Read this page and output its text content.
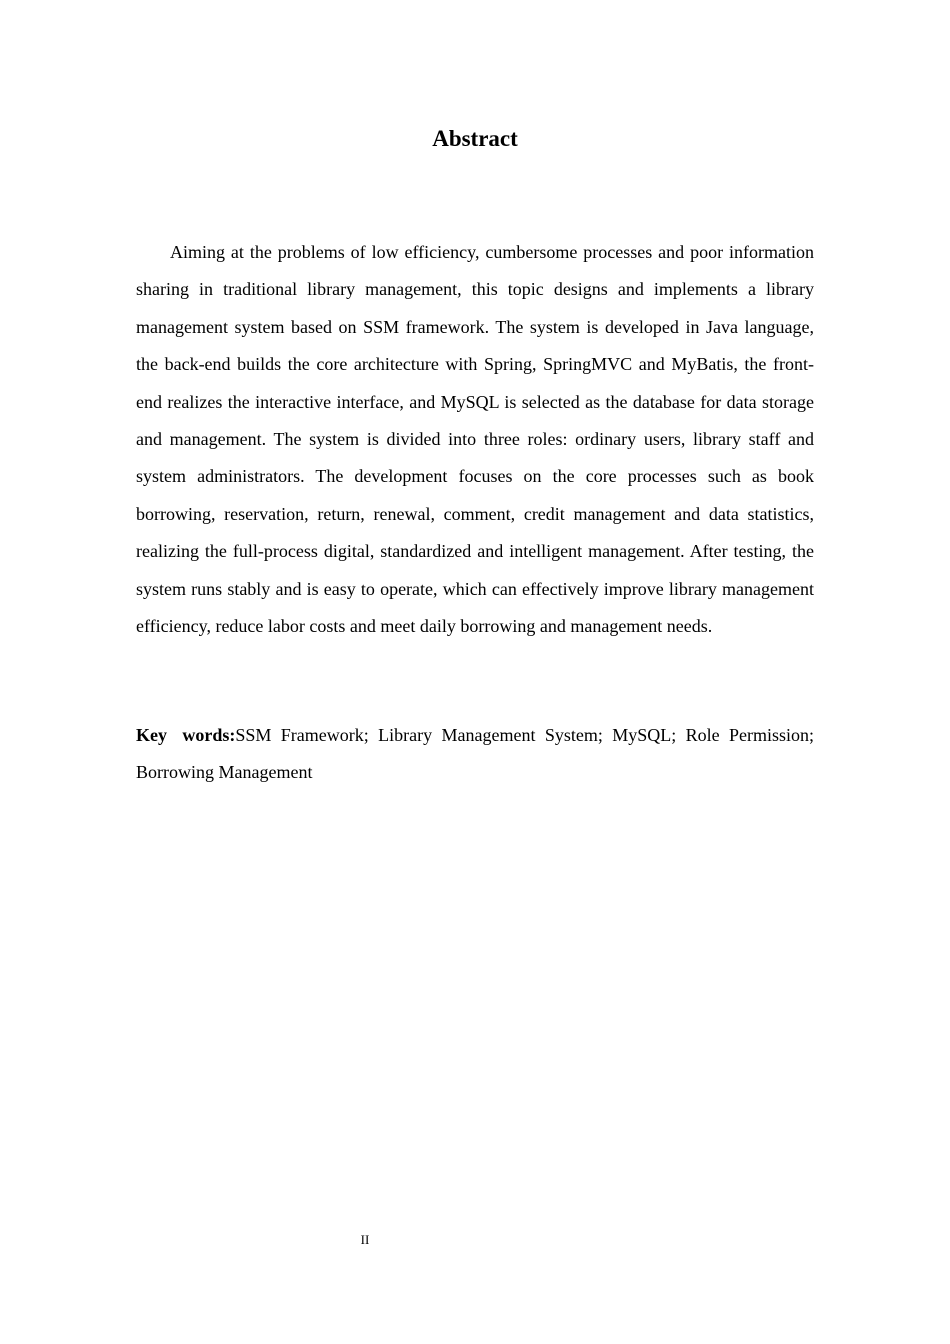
Abstract

Aiming at the problems of low efficiency, cumbersome processes and poor information sharing in traditional library management, this topic designs and implements a library management system based on SSM framework. The system is developed in Java language, the back-end builds the core architecture with Spring, SpringMVC and MyBatis, the front-end realizes the interactive interface, and MySQL is selected as the database for data storage and management. The system is divided into three roles: ordinary users, library staff and system administrators. The development focuses on the core processes such as book borrowing, reservation, return, renewal, comment, credit management and data statistics, realizing the full-process digital, standardized and intelligent management. After testing, the system runs stably and is easy to operate, which can effectively improve library management efficiency, reduce labor costs and meet daily borrowing and management needs.

Key words:SSM Framework; Library Management System; MySQL; Role Permission; Borrowing Management

II
